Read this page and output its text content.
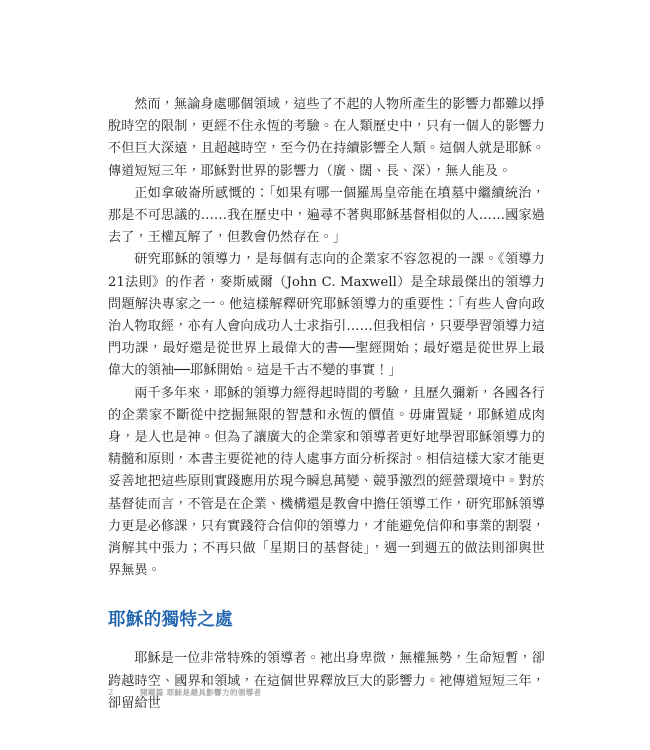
然而，無論身處哪個領域，這些了不起的人物所產生的影響力都難以掙脫時空的限制，更經不住永恆的考驗。在人類歷史中，只有一個人的影響力不但巨大深遠，且超越時空，至今仍在持續影響全人類。這個人就是耶穌。傳道短短三年，耶穌對世界的影響力（廣、闊、長、深），無人能及。

正如拿破崙所感慨的：「如果有哪一個羅馬皇帝能在墳墓中繼續統治，那是不可思議的……我在歷史中，遍尋不著與耶穌基督相似的人……國家過去了，王權瓦解了，但教會仍然存在。」

研究耶穌的領導力，是每個有志向的企業家不容忽視的一課。《領導力21法則》的作者，麥斯威爾（John C. Maxwell）是全球最傑出的領導力問題解決專家之一。他這樣解釋研究耶穌領導力的重要性：「有些人會向政治人物取經，亦有人會向成功人士求指引……但我相信，只要學習領導力這門功課，最好還是從世界上最偉大的書──聖經開始；最好還是從世界上最偉大的領袖──耶穌開始。這是千古不變的事實！」

兩千多年來，耶穌的領導力經得起時間的考驗，且歷久彌新，各國各行的企業家不斷從中挖掘無限的智慧和永恆的價值。毋庸置疑，耶穌道成肉身，是人也是神。但為了讓廣大的企業家和領導者更好地學習耶穌領導力的精髓和原則，本書主要從衪的待人處事方面分析探討。相信這樣大家才能更妥善地把這些原則實踐應用於現今瞬息萬變、競爭激烈的經營環境中。對於基督徒而言，不管是在企業、機構還是教會中擔任領導工作，研究耶穌領導力更是必修課，只有實踐符合信仰的領導力，才能避免信仰和事業的割裂，消解其中張力；不再只做「星期日的基督徒」，週一到週五的做法則卻與世界無異。

耶穌的獨特之處

耶穌是一位非常特殊的領導者。衪出身卑微，無權無勢，生命短暫，卻跨越時空、國界和領域，在這個世界釋放巨大的影響力。衪傳道短短三年，卻留給世

2	開題篇 耶穌是最具影響力的領導者
